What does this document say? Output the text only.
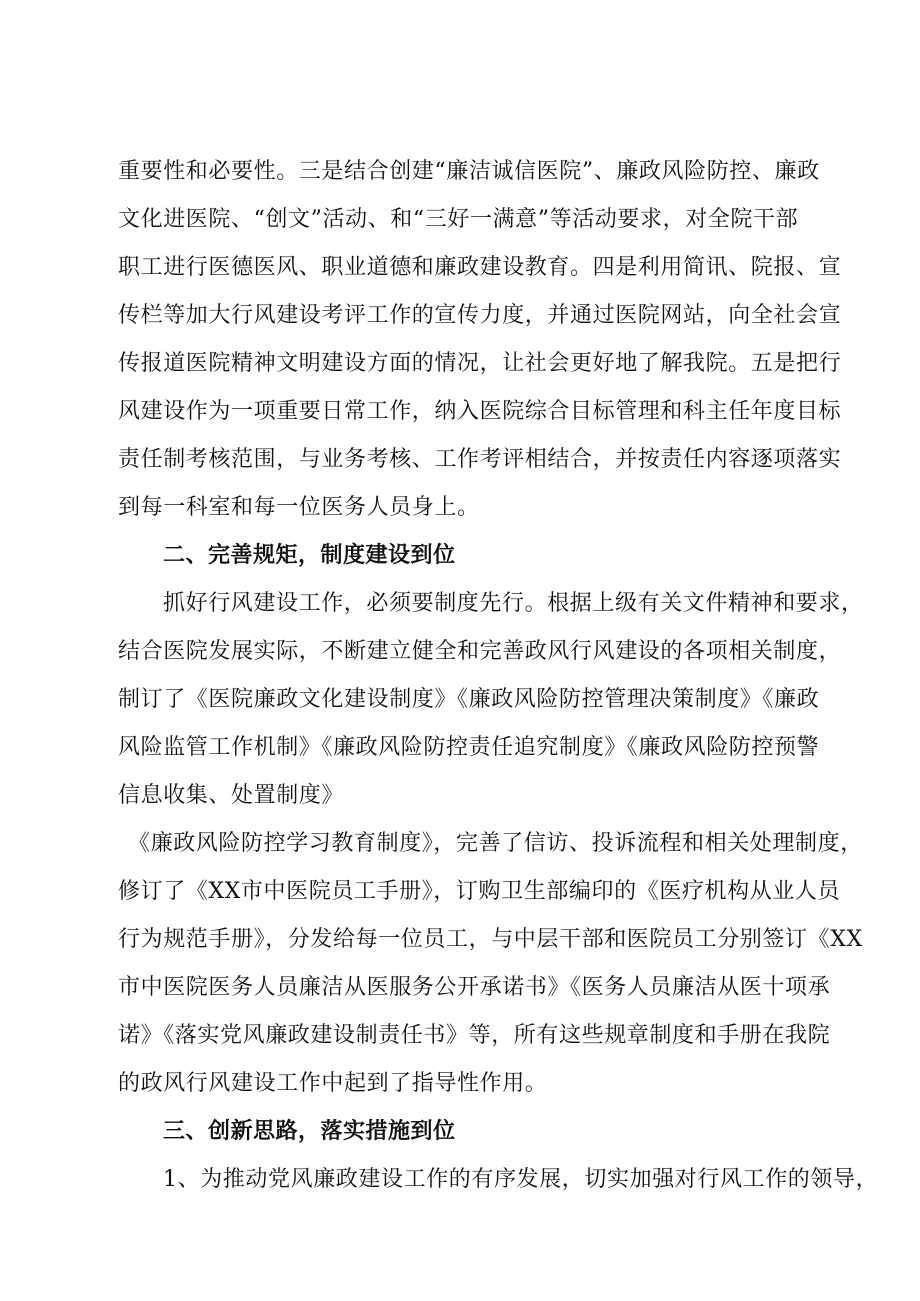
重要性和必要性。三是结合创建“廉洁诚信医院”、廉政风险防控、廉政
文化进医院、“创文”活动、和“三好一满意”等活动要求，对全院干部
职工进行医德医风、职业道德和廉政建设教育。四是利用简讯、院报、宣
传栏等加大行风建设考评工作的宣传力度，并通过医院网站，向全社会宣
传报道医院精神文明建设方面的情况，让社会更好地了解我院。五是把行
风建设作为一项重要日常工作，纳入医院综合目标管理和科主任年度目标
责任制考核范围，与业务考核、工作考评相结合，并按责任内容逐项落实
到每一科室和每一位医务人员身上。
二、完善规矩，制度建设到位
抓好行风建设工作，必须要制度先行。根据上级有关文件精神和要求，
结合医院发展实际，不断建立健全和完善政风行风建设的各项相关制度，
制订了《医院廉政文化建设制度》《廉政风险防控管理决策制度》《廉政
风险监管工作机制》《廉政风险防控责任追究制度》《廉政风险防控预警
信息收集、处置制度》
《廉政风险防控学习教育制度》，完善了信访、投诉流程和相关处理制度，
修订了《XX市中医院员工手册》，订购卫生部编印的《医疗机构从业人员
行为规范手册》，分发给每一位员工，与中层干部和医院员工分别签订《XX
市中医院医务人员廉洁从医服务公开承诺书》《医务人员廉洁从医十项承
诺》《落实党风廉政建设制责任书》等，所有这些规章制度和手册在我院
的政风行风建设工作中起到了指导性作用。
三、创新思路，落实措施到位
1、为推动党风廉政建设工作的有序发展，切实加强对行风工作的领导，
